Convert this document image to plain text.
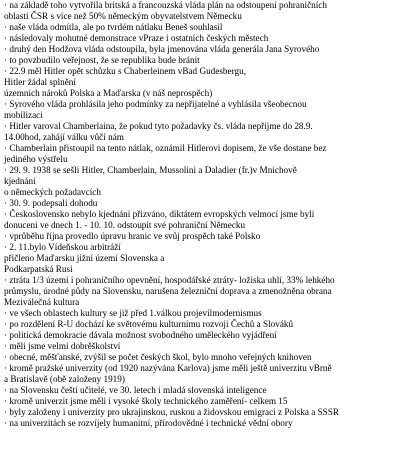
· na základě toho vytvořila britská a francouzská vláda plán na odstoupení pohraničních
oblastí ČSR s více než 50% německým obyvatelstvem Německu
· naše vláda odmítla, ale po tvrdém nátlaku Beneš souhlasil
· následovaly mohutné demonstrace vPraze i ostatních českých městech
· druhý den Hodžova vláda odstoupila, byla jmenována vláda generála Jana Syrového
· to povzbudilo veřejnost, že se republika bude bránit
· 22.9 měl Hitler opět schůzku s Chaberleinem vBad Gudesbergu,
Hitler žádal splnění
územních nároků Polska a Maďarska (v náš neprospěch)
· Syrového vláda prohlásila jeho podmínky za nepřijatelné a vyhlásila všeobecnou
mobilizaci
· Hitler varoval Chamberlaina, že pokud tyto požadavky čs. vláda nepřijme do 28.9.
14.00hod, zahájí válku vůči nám
· Chamberlain přistoupil na tento nátlak, oznámil Hitlerovi dopisem, že vše dostane bez
jediného výstřelu
· 29. 9. 1938 se sešli Hitler, Chamberlain, Mussolini a Daladier (fr.)v Mnichově
kjednání
o německých požadavcích
· 30. 9. podepsali dohodu
· Československo nebylo kjednání přizváno, diktátem evropských velmocí jsme byli
donuceni ve dnech 1. - 10. 10. odstoupit své pohraniční Německu
· vprůběhu října provedlo úpravu hranic ve svůj prospěch také Polsko
· 2. 11.bylo Vídeňskou arbitráží
přičleno Maďarsku jižní území Slovenska a
Podkarpatská Rusi
· ztráta 1/3 území i pohraničního opevnění, hospodářské ztráty- ložiska uhlí, 33% lehkého
průmyslu, úrodné půdy na Slovensku, narušena železniční doprava a zmenožněna obrana
Meziválečná kultura
· ve všech oblastech kultury se již před 1.válkou projevilmodernismus
· po rozdělení R-U dochází ke světovému kulturnímu rozvoji Čechů a Slováků
· politická demokracie dávala možnost svobodného uměleckého vyjádření
· měli jsme velmi dobrěškolství
· obecné, měšťanské, zvýšil se počet českých škol, bylo mnoho veřejných knihoven
· kromě pražské univerzity (od 1920 nazývána Karlova) jsme měli ještě univerzitu vBrně
a Bratislavě (obě založeny 1919)
· na Slovensku čeští učitelé, ve 30. letech i mladá slovenská inteligence
· kromě univerzit jsme měli i vysoké školy technického zaměření- celkem 15
· byly založeny i univerzity pro ukrajinskou, ruskou a židovskou emigraci z Polska a SSSR
· na univerzitách se rozvíjely humanitní, přírodovědné i technické vědní obory
